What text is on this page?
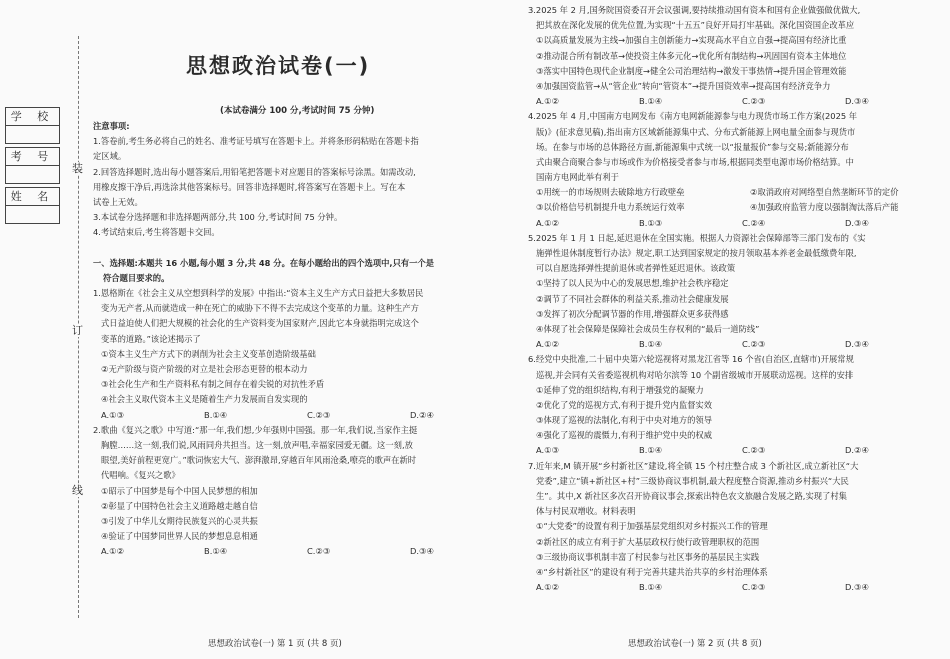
学 校
考 号
姓 名
装
订
线
思想政治试卷(一)
(本试卷满分 100 分,考试时间 75 分钟)
注意事项:
1.答卷前,考生务必将自己的姓名、准考证号填写在答题卡上。并将条形码粘贴在答题卡指
定区域。
2.回答选择题时,选出每小题答案后,用铅笔把答题卡对应题目的答案标号涂黑。如需改动,
用橡皮擦干净后,再选涂其他答案标号。回答非选择题时,将答案写在答题卡上。写在本
试卷上无效。
3.本试卷分选择题和非选择题两部分,共 100 分,考试时间 75 分钟。
4.考试结束后,考生将答题卡交回。
一、选择题:本题共 16 小题,每小题 3 分,共 48 分。在每小题给出的四个选项中,只有一个是
符合题目要求的。
1.恩格斯在《社会主义从空想到科学的发展》中指出:“资本主义生产方式日益把大多数居民
变为无产者,从而就造成一种在死亡的威胁下不得不去完成这个变革的力量。这种生产方
式日益迫使人们把大规模的社会化的生产资料变为国家财产,因此它本身就指明完成这个
变革的道路。”该论述揭示了
①资本主义生产方式下的剥削为社会主义变革创造阶级基础
②无产阶级与资产阶级的对立是社会形态更替的根本动力
③社会化生产和生产资料私有制之间存在着尖锐的对抗性矛盾
④社会主义取代资本主义是随着生产力发展而自发实现的
A.①③	B.①④	C.②③	D.②④
2.歌曲《复兴之歌》中写道:“那一年,我们想,少年强则中国强。那一年,我们说,当家作主挺
胸膛……这一刻,我们说,风雨同舟共担当。这一刻,放声唱,幸福家园爱无疆。这一刻,放
眼望,美好前程更宽广。”歌词恢宏大气、澎湃激昂,穿越百年风雨沧桑,嘹亮的歌声在新时
代唱响。《复兴之歌》
①昭示了中国梦是每个中国人民梦想的相加
②彰显了中国特色社会主义道路越走越自信
③引发了中华儿女期待民族复兴的心灵共振
④验证了中国梦同世界人民的梦想息息相通
A.①②	B.①④	C.②③	D.③④
思想政治试卷(一) 第 1 页 (共 8 页)
3.2025 年 2 月,国务院国资委召开会议强调,要持续推动国有资本和国有企业做强做优做大,
把其放在深化发展的优先位置,为实现“十五五”良好开局打牢基础。深化国资国企改革应
①以高质量发展为主线→加强自主创新能力→实现高水平自立自强→提高国有经济比重
②推动混合所有制改革→使投资主体多元化→优化所有制结构→巩固国有资本主体地位
③落实中国特色现代企业制度→健全公司治理结构→激发干事热情→提升国企管理效能
④加强国资监管→从“管企业”转向“管资本”→提升国资效率→提高国有经济竞争力
A.①②	B.①④	C.②③	D.③④
4.2025 年 4 月,中国南方电网发布《南方电网新能源参与电力现货市场工作方案(2025 年
版)》(征求意见稿),指出南方区域新能源集中式、分布式新能源上网电量全面参与现货市
场。在参与市场的总体路径方面,新能源集中式统一以“报量报价”参与交易;新能源分布
式由聚合商聚合参与市场或作为价格接受者参与市场,根据同类型电源市场价格结算。中
国南方电网此举有利于
①用统一的市场规则去破除地方行政壁垒	②取消政府对网络型自然垄断环节的定价
③以价格信号机制提升电力系统运行效率	④加强政府监管力度以强制淘汰落后产能
A.①②	B.①③	C.②④	D.③④
5.2025 年 1 月 1 日起,延迟退休在全国实施。根据人力资源社会保障部等三部门发布的《实
施弹性退休制度暂行办法》规定,职工达到国家规定的按月领取基本养老金最低缴费年限,
可以自愿选择弹性提前退休或者弹性延迟退休。该政策
①坚持了以人民为中心的发展思想,维护社会秩序稳定
②调节了不同社会群体的利益关系,推动社会健康发展
③发挥了初次分配调节器的作用,增强群众更多获得感
④体现了社会保障是保障社会成员生存权利的“最后一道防线”
A.①②	B.①④	C.②③	D.③④
6.经党中央批准,二十届中央第六轮巡视将对黑龙江省等 16 个省(自治区,直辖市)开展常规
巡视,并会同有关省委巡视机构对哈尔滨等 10 个副省级城市开展联动巡视。这样的安排
①延伸了党的组织结构,有利于增强党的凝聚力
②优化了党的巡视方式,有利于提升党内监督实效
③体现了巡视的法制化,有利于中央对地方的领导
④强化了巡视的震慑力,有利于维护党中央的权威
A.①③	B.①④	C.②③	D.②④
7.近年来,M 镇开展“乡村新社区”建设,将全镇 15 个村庄整合成 3 个新社区,成立新社区“大
党委”,建立“镇+新社区+村”三级协商议事机制,最大程度整合资源,推动乡村振兴“大民
生”。其中,X 新社区多次召开协商议事会,探索出特色农文旅融合发展之路,实现了村集
体与村民双增收。材料表明
①“大党委”的设置有利于加强基层党组织对乡村振兴工作的管理
②新社区的成立有利于扩大基层政权行使行政管理职权的范围
③三级协商议事机制丰富了村民参与社区事务的基层民主实践
④“乡村新社区”的建设有利于完善共建共治共享的乡村治理体系
A.①②	B.①④	C.②③	D.③④
思想政治试卷(一) 第 2 页 (共 8 页)
